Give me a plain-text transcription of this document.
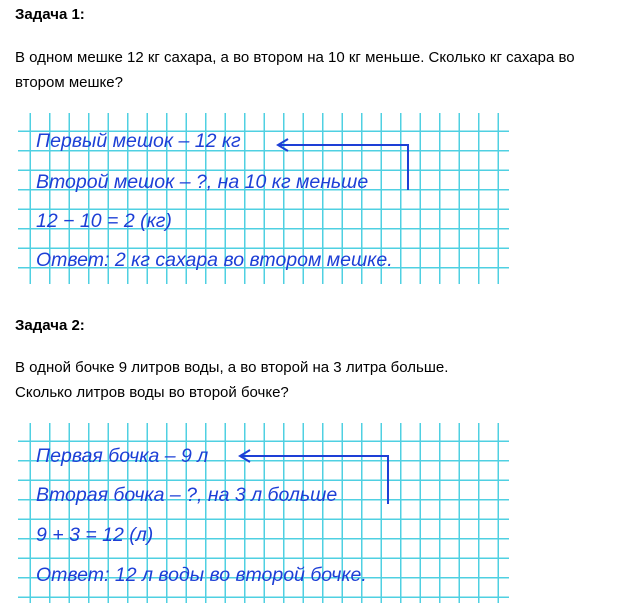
Задача 1:
В одном мешке 12 кг сахара, а во втором на 10 кг меньше. Сколько кг сахара во
втором мешке?
Первый мешок – 12 кг
Второй мешок – ?, на 10 кг меньше
12 − 10 = 2 (кг)
Ответ: 2 кг сахара во втором мешке.
Задача 2:
В одной бочке 9 литров воды, а во второй на 3 литра больше.
Сколько литров воды во второй бочке?
Первая бочка – 9 л
Вторая бочка – ?, на 3 л больше
9 + 3 = 12 (л)
Ответ: 12 л воды во второй бочке.
